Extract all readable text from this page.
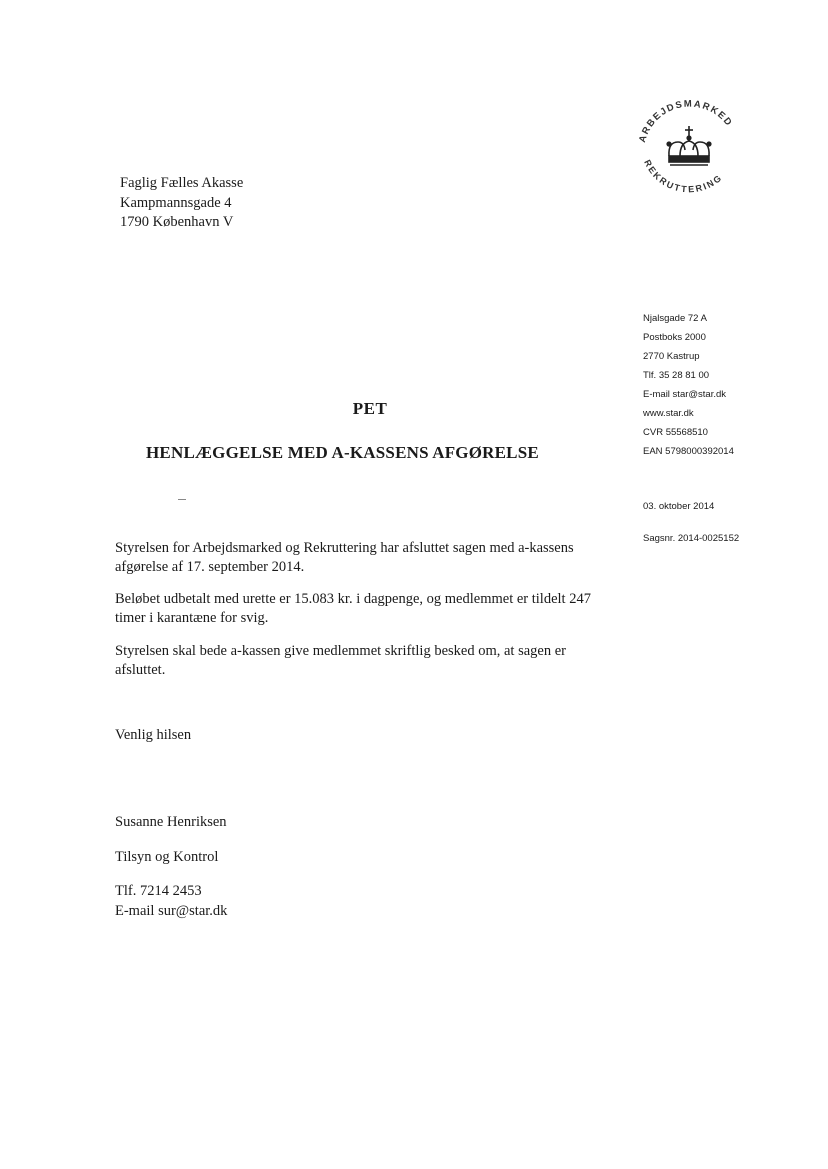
ARBEJDSMARKED
REKRUTTERING
Faglig Fælles Akasse
Kampmannsgade 4
1790 København V
Njalsgade 72 A
Postboks 2000
2770 Kastrup
Tlf. 35 28 81 00
E-mail star@star.dk
www.star.dk
CVR 55568510
EAN 5798000392014
03. oktober 2014
Sagsnr. 2014-0025152
PET
HENLÆGGELSE MED A-KASSENS AFGØRELSE
Styrelsen for Arbejdsmarked og Rekruttering har afsluttet sagen med a-kassens afgørelse af 17. september 2014.
Beløbet udbetalt med urette er 15.083 kr. i dagpenge, og medlemmet er tildelt 247 timer i karantæne for svig.
Styrelsen skal bede a-kassen give medlemmet skriftlig besked om, at sagen er afsluttet.
Venlig hilsen
Susanne Henriksen
Tilsyn og Kontrol
Tlf. 7214 2453
E-mail sur@star.dk
